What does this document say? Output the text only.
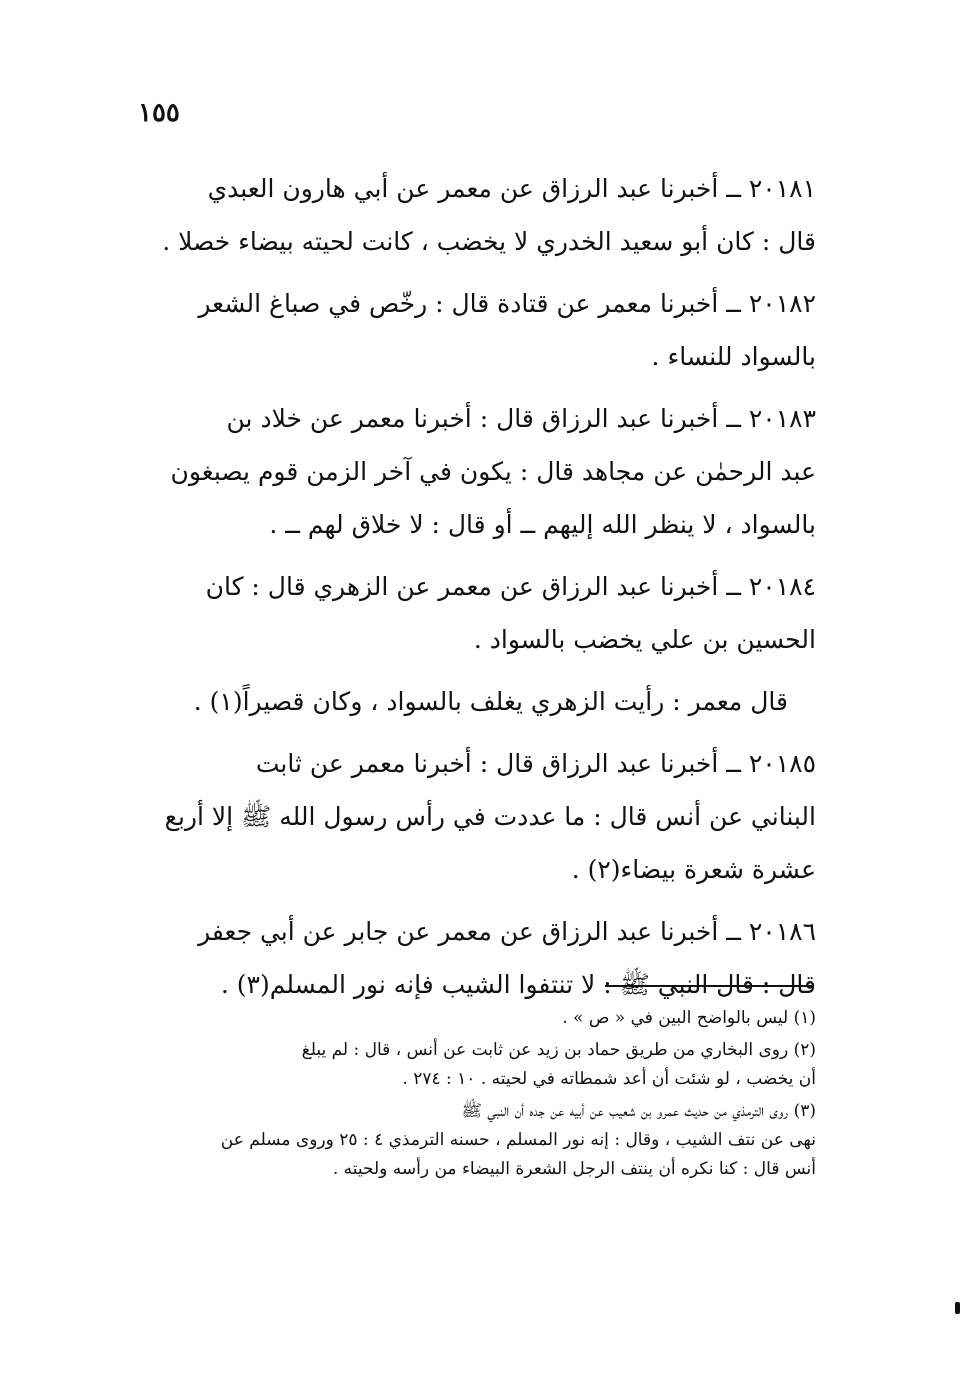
١٥٥

٢٠١٨١ ــ أخبرنا عبد الرزاق عن معمر عن أبي هارون العبدي

قال : كان أبو سعيد الخدري لا يخضب ، كانت لحيته بيضاء خصلا .

٢٠١٨٢ ــ أخبرنا معمر عن قتادة قال : رخّص في صباغ الشعر

بالسواد للنساء .

٢٠١٨٣ ــ أخبرنا عبد الرزاق قال : أخبرنا معمر عن خلاد بن

عبد الرحمٰن عن مجاهد قال : يكون في آخر الزمن قوم يصبغون

بالسواد ، لا ينظر الله إليهم ــ أو قال : لا خلاق لهم ــ .

٢٠١٨٤ ــ أخبرنا عبد الرزاق عن معمر عن الزهري قال : كان

الحسين بن علي يخضب بالسواد .

قال معمر : رأيت الزهري يغلف بالسواد ، وكان قصيراً(١) .

٢٠١٨٥ ــ أخبرنا عبد الرزاق قال : أخبرنا معمر عن ثابت

البناني عن أنس قال : ما عددت في رأس رسول الله ﷺ إلا أربع

عشرة شعرة بيضاء(٢) .

٢٠١٨٦ ــ أخبرنا عبد الرزاق عن معمر عن جابر عن أبي جعفر

قال : قال النبي ﷺ : لا تنتفوا الشيب فإنه نور المسلم(٣) .

(١) ليس بالواضح البين في « ص » .
(٢) روى البخاري من طريق حماد بن زيد عن ثابت عن أنس ، قال : لم يبلغ
أن يخضب ، لو شئت أن أعد شمطاته في لحيته . ١٠ : ٢٧٤ .
(٣) روى الترمذي من حديث عمرو بن شعيب عن أبيه عن جده أن النبي ﷺ
نهى عن نتف الشيب ، وقال : إنه نور المسلم ، حسنه الترمذي ٤ : ٢٥ وروى مسلم عن
أنس قال : كنا نكره أن ينتف الرجل الشعرة البيضاء من رأسه ولحيته .
